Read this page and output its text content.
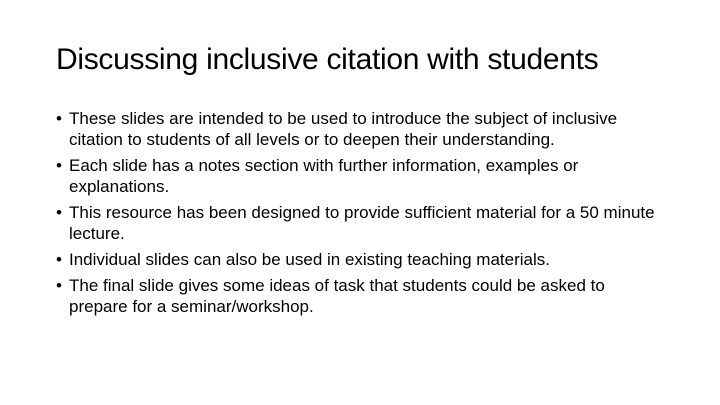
Discussing inclusive citation with students
• These slides are intended to be used to introduce the subject of inclusive citation to students of all levels or to deepen their understanding.
• Each slide has a notes section with further information, examples or explanations.
• This resource has been designed to provide sufficient material for a 50 minute lecture.
• Individual slides can also be used in existing teaching materials.
• The final slide gives some ideas of task that students could be asked to prepare for a seminar/workshop.
